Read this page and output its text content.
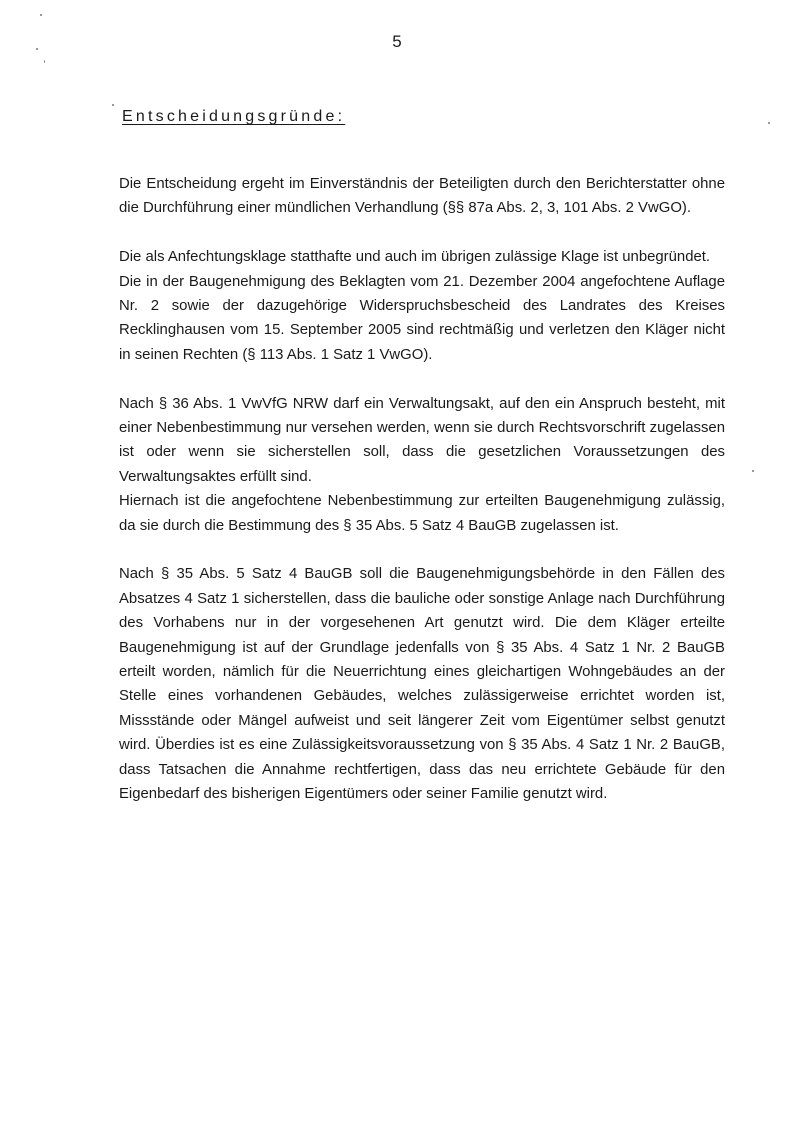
5
Entscheidungsgründe:

Die Entscheidung ergeht im Einverständnis der Beteiligten durch den Berichterstatter ohne die Durchführung einer mündlichen Verhandlung (§§ 87a Abs. 2, 3, 101 Abs. 2 VwGO).

Die als Anfechtungsklage statthafte und auch im übrigen zulässige Klage ist unbegründet.

Die in der Baugenehmigung des Beklagten vom 21. Dezember 2004 angefochtene Auflage Nr. 2 sowie der dazugehörige Widerspruchsbescheid des Landrates des Kreises Recklinghausen vom 15. September 2005 sind rechtmäßig und verletzen den Kläger nicht in seinen Rechten (§ 113 Abs. 1 Satz 1 VwGO).

Nach § 36 Abs. 1 VwVfG NRW darf ein Verwaltungsakt, auf den ein Anspruch besteht, mit einer Nebenbestimmung nur versehen werden, wenn sie durch Rechtsvorschrift zugelassen ist oder wenn sie sicherstellen soll, dass die gesetzlichen Voraussetzungen des Verwaltungsaktes erfüllt sind.

Hiernach ist die angefochtene Nebenbestimmung zur erteilten Baugenehmigung zulässig, da sie durch die Bestimmung des § 35 Abs. 5 Satz 4 BauGB zugelassen ist.

Nach § 35 Abs. 5 Satz 4 BauGB soll die Baugenehmigungsbehörde in den Fällen des Absatzes 4 Satz 1 sicherstellen, dass die bauliche oder sonstige Anlage nach Durchführung des Vorhabens nur in der vorgesehenen Art genutzt wird. Die dem Kläger erteilte Baugenehmigung ist auf der Grundlage jedenfalls von § 35 Abs. 4 Satz 1 Nr. 2 BauGB erteilt worden, nämlich für die Neuerrichtung eines gleichartigen Wohngebäudes an der Stelle eines vorhandenen Gebäudes, welches zulässigerweise errichtet worden ist, Missstände oder Mängel aufweist und seit längerer Zeit vom Eigentümer selbst genutzt wird. Überdies ist es eine Zulässigkeitsvoraussetzung von § 35 Abs. 4 Satz 1 Nr. 2 BauGB, dass Tatsachen die Annahme rechtfertigen, dass das neu errichtete Gebäude für den Eigenbedarf des bisherigen Eigentümers oder seiner Familie genutzt wird.
